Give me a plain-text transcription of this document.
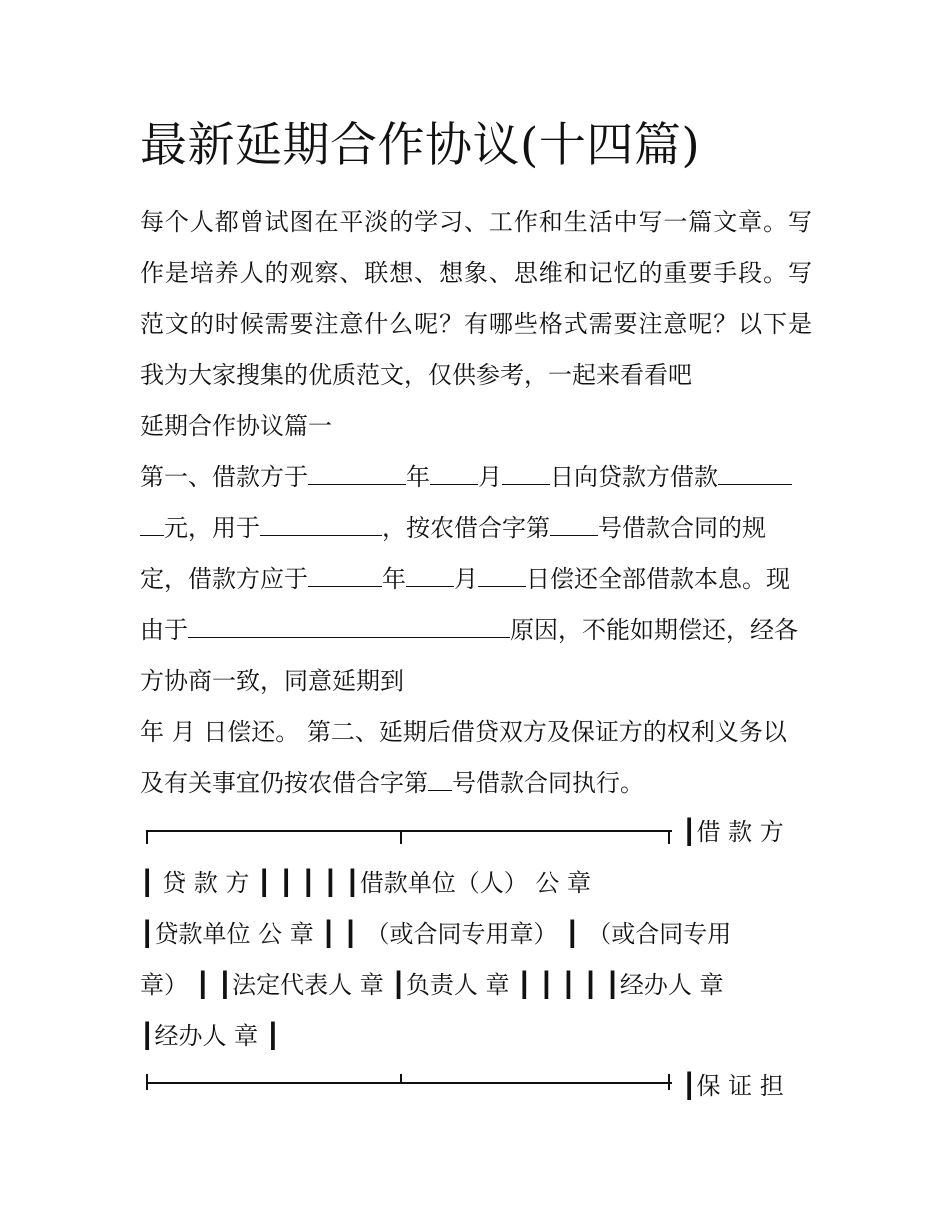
最新延期合作协议(十四篇)
每个人都曾试图在平淡的学习、工作和生活中写一篇文章。写
作是培养人的观察、联想、想象、思维和记忆的重要手段。写
范文的时候需要注意什么呢？有哪些格式需要注意呢？以下是
我为大家搜集的优质范文，仅供参考，一起来看看吧
延期合作协议篇一
第一、借款方于	年 月 日向贷款方借款
元，用于	，按农借合字第 号借款合同的规
定，借款方应于	年 月 日偿还全部借款本息。现
由于	原因，不能如期偿还，经各
方协商一致，同意延期到
年 月 日偿还。 第二、延期后借贷双方及保证方的权利义务以
及有关事宜仍按农借合字第 号借款合同执行。
┃借 款 方
┃ 贷 款 方 ┃ ┃ ┃ ┃ ┃借款单位（人） 公 章
┃贷款单位 公 章 ┃ ┃ （或合同专用章） ┃ （或合同专用
章） ┃ ┃法定代表人 章 ┃负责人 章 ┃ ┃ ┃ ┃ ┃经办人 章
┃经办人 章 ┃
┃保 证 担
